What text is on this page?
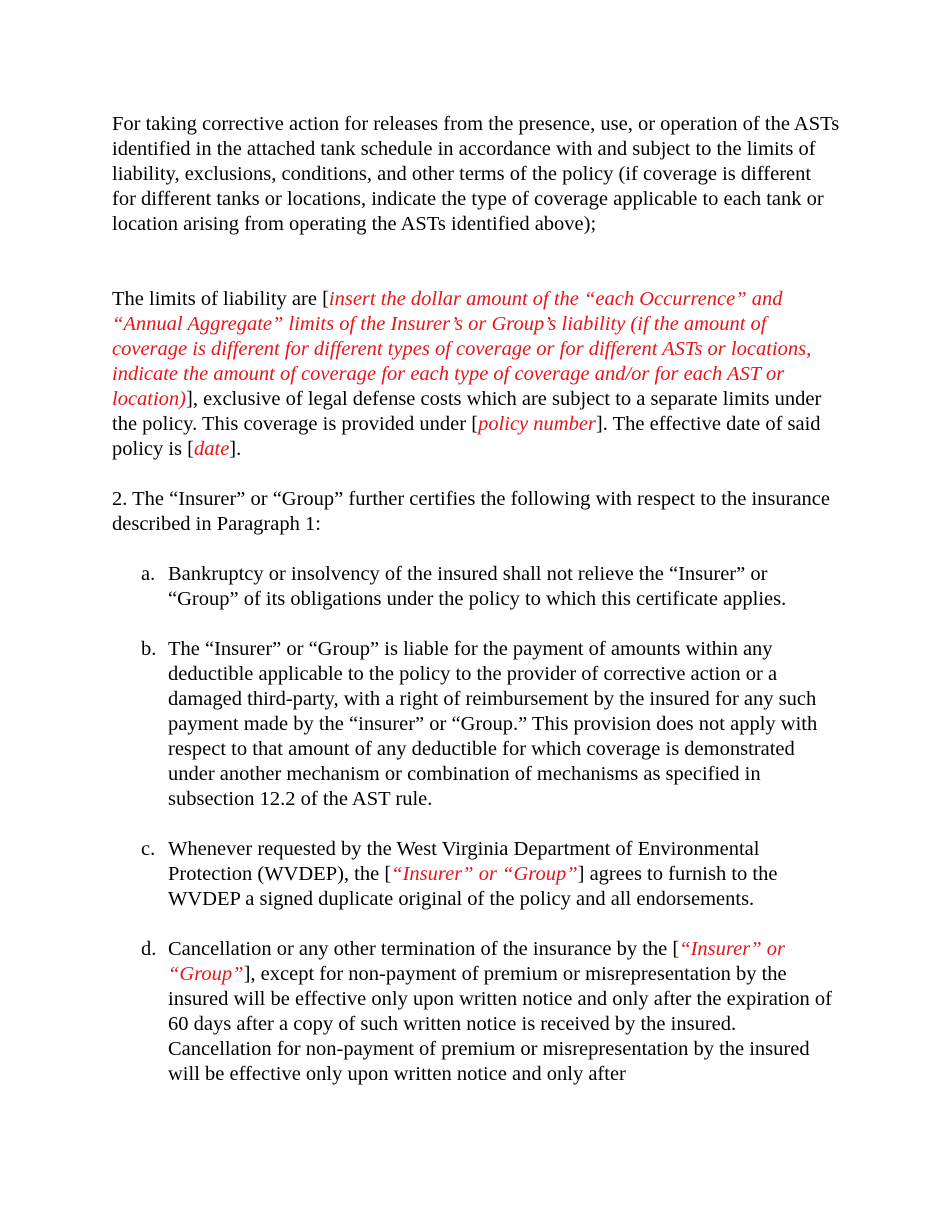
For taking corrective action for releases from the presence, use, or operation of the ASTs identified in the attached tank schedule in accordance with and subject to the limits of liability, exclusions, conditions, and other terms of the policy (if coverage is different for different tanks or locations, indicate the type of coverage applicable to each tank or location arising from operating the ASTs identified above);

The limits of liability are [insert the dollar amount of the “each Occurrence” and “Annual Aggregate” limits of the Insurer’s or Group’s liability (if the amount of coverage is different for different types of coverage or for different ASTs or locations, indicate the amount of coverage for each type of coverage and/or for each AST or location)], exclusive of legal defense costs which are subject to a separate limits under the policy. This coverage is provided under [policy number]. The effective date of said policy is [date].

2. The “Insurer” or “Group” further certifies the following with respect to the insurance described in Paragraph 1:

a. Bankruptcy or insolvency of the insured shall not relieve the “Insurer” or “Group” of its obligations under the policy to which this certificate applies.
b. The “Insurer” or “Group” is liable for the payment of amounts within any deductible applicable to the policy to the provider of corrective action or a damaged third-party, with a right of reimbursement by the insured for any such payment made by the “insurer” or “Group.” This provision does not apply with respect to that amount of any deductible for which coverage is demonstrated under another mechanism or combination of mechanisms as specified in subsection 12.2 of the AST rule.
c. Whenever requested by the West Virginia Department of Environmental Protection (WVDEP), the [“Insurer” or “Group”] agrees to furnish to the WVDEP a signed duplicate original of the policy and all endorsements.
d. Cancellation or any other termination of the insurance by the [“Insurer” or “Group”], except for non-payment of premium or misrepresentation by the insured will be effective only upon written notice and only after the expiration of 60 days after a copy of such written notice is received by the insured.  Cancellation for non-payment of premium or misrepresentation by the insured will be effective only upon written notice and only after
